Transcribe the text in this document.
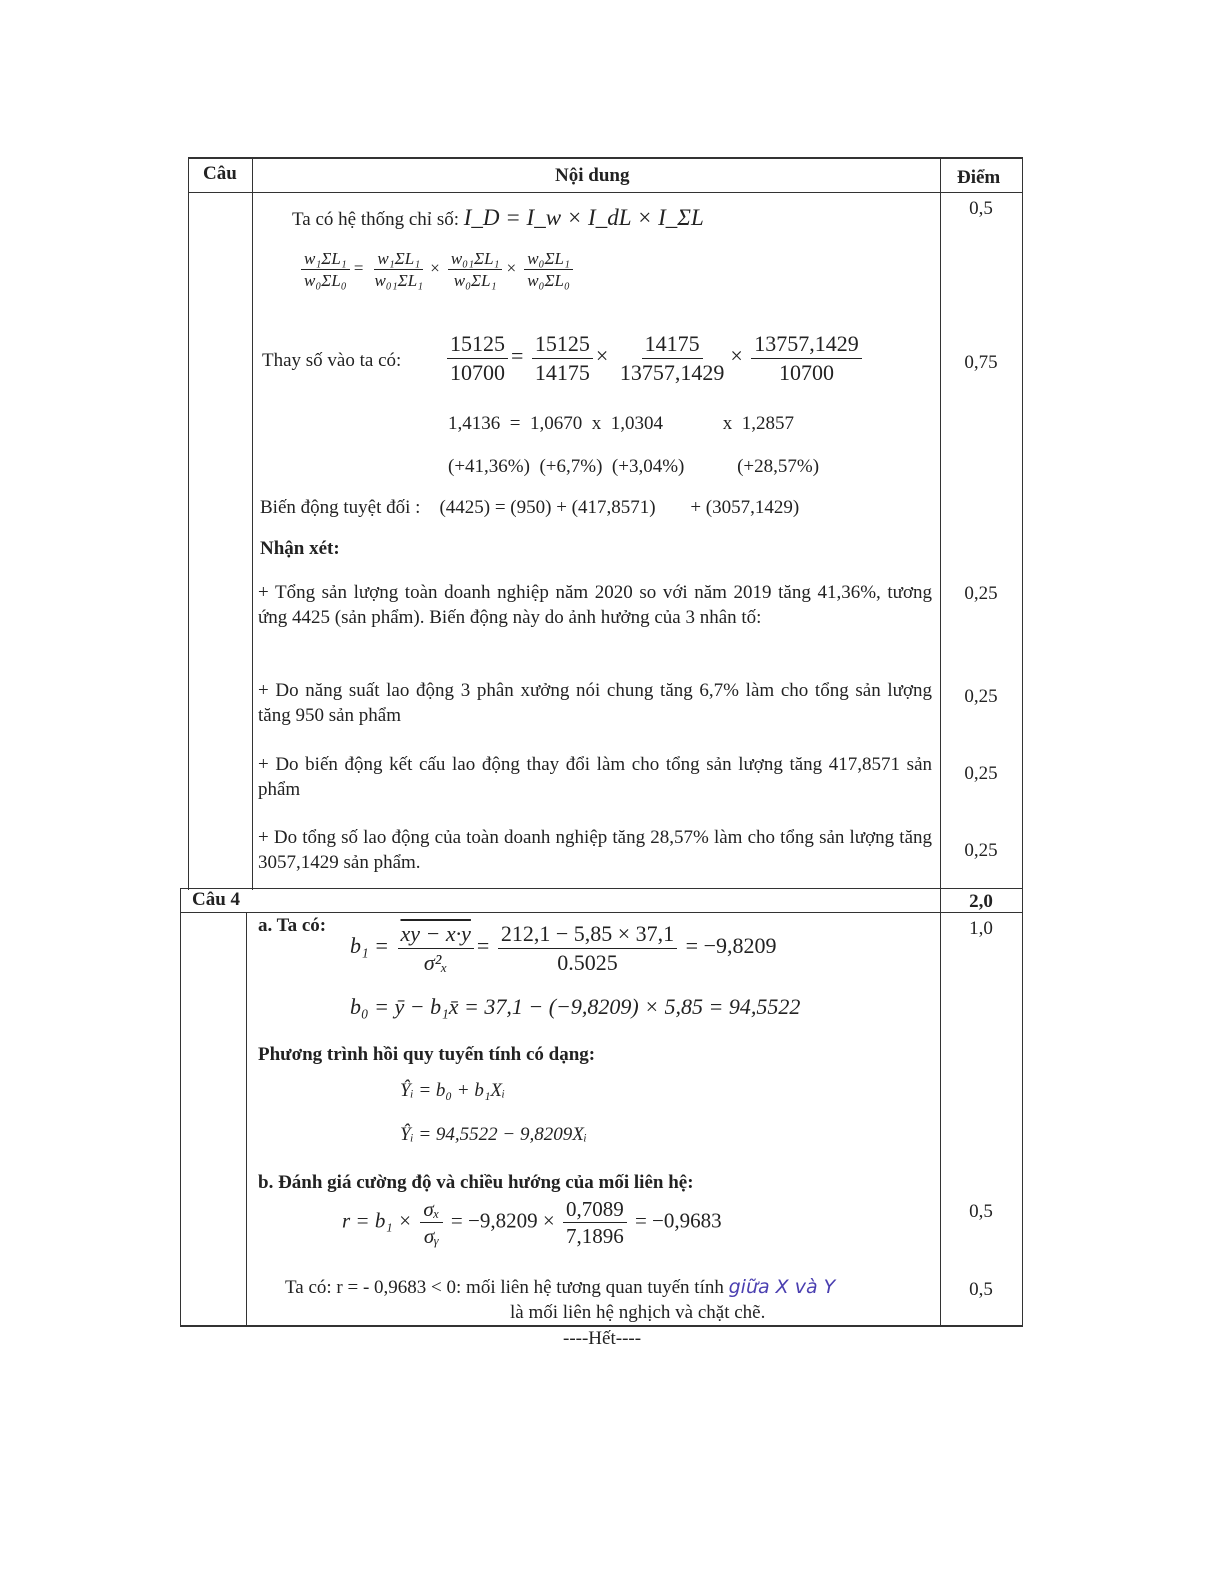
Câu	Nội dung	Điểm
Ta có hệ thống chỉ số: I_D = I_w × I_dL × I_ΣL
$\frac{\text{w₁ΣL₁}}{\text{w₀ΣL₀}} = \frac{\text{w₁ΣL₁}}{\text{w₀₁ΣL₁}} \times \frac{\text{w₀₁ΣL₁}}{\text{w₀ΣL₁}} \times \frac{\text{w₀ΣL₁}}{\text{w₀ΣL₀}}$
0,5
Thay số vào ta có: $\frac{15125}{10700} = \frac{15125}{14175} \times \frac{14175}{13757,1429} \times \frac{13757,1429}{10700}$	0,75
1,4136 = 1,0670 x 1,0304	x 1,2857
(+41,36%) (+6,7%) (+3,04%)	(+28,57%)
Biến động tuyệt đối : (4425) = (950) + (417,8571) + (3057,1429)
Nhận xét:
+ Tổng sản lượng toàn doanh nghiệp năm 2020 so với năm 2019 tăng 41,36%, tương ứng 4425 (sản phẩm). Biến động này do ảnh hưởng của 3 nhân tố:
0,25
+ Do năng suất lao động 3 phân xưởng nói chung tăng 6,7% làm cho tổng sản lượng tăng 950 sản phẩm
0,25
+ Do biến động kết cấu lao động thay đổi làm cho tổng sản lượng tăng 417,8571 sản phẩm
0,25
+ Do tổng số lao động của toàn doanh nghiệp tăng 28,57% làm cho tổng sản lượng tăng 3057,1429 sản phẩm.
0,25
Câu 4	2,0
a. Ta có:	1,0
$b_1 = \frac{xy - x\cdot y}{\text{σ²ₓ}} = \frac{212,1 - 5,85 \times 37,1}{0.5025} = -9,8209$
b₀ = ȳ − b₁x̄ = 37,1 − (−9,8209) × 5,85 = 94,5522
Phương trình hồi quy tuyến tính có dạng:
Ŷᵢ = b₀ + b₁Xᵢ
Ŷᵢ = 94,5522 − 9,8209Xᵢ
b. Đánh giá cường độ và chiều hướng của mối liên hệ:
$r = b_1 \times \frac{\text{σₓ}}{\text{σᵧ}} = -9,8209 \times \frac{0,7089}{7,1896} = -0,9683$	0,5
Ta có: r = - 0,9683 < 0: mối liên hệ tương quan tuyến tính giữa X và Y
là mối liên hệ nghịch và chặt chẽ.
0,5
----Hết----
